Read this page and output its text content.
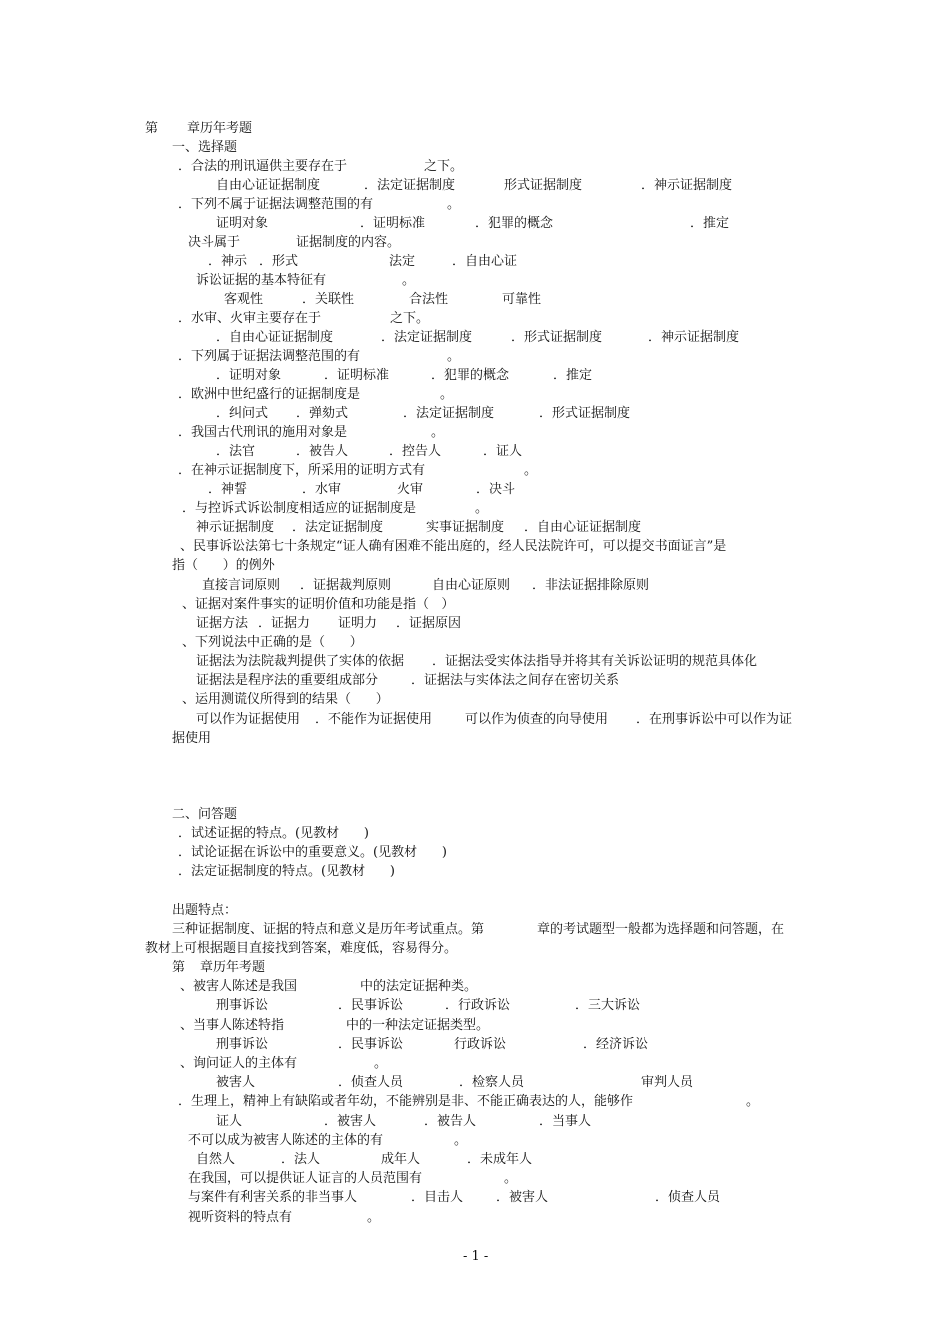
第 章历年考题
一、选择题
．合法的刑讯逼供主要存在于	之下。
自由心证证据制度	．法定证据制度	形式证据制度	．神示证据制度
．下列不属于证据法调整范围的有	。
证明对象	．证明标准	．犯罪的概念	．推定
决斗属于	证据制度的内容。
．神示 ．形式	法定	．自由心证
诉讼证据的基本特征有	。
客观性	．关联性	合法性	可靠性
．水审、火审主要存在于	之下。
．自由心证证据制度	．法定证据制度	．形式证据制度	．神示证据制度
．下列属于证据法调整范围的有	。
．证明对象	．证明标准	．犯罪的概念	．推定
．欧洲中世纪盛行的证据制度是	。
．纠问式 ．弹劾式	．法定证据制度	．形式证据制度
．我国古代刑讯的施用对象是	。
．法官	．被告人	．控告人	．证人
．在神示证据制度下，所采用的证明方式有	。
．神誓	．水审	火审	．决斗
．与控诉式诉讼制度相适应的证据制度是	。
神示证据制度 ．法定证据制度	实事证据制度 ．自由心证证据制度
、民事诉讼法第七十条规定“证人确有困难不能出庭的，经人民法院许可，可以提交书面证言”是
指（      ）的例外
直接言词原则 ．证据裁判原则	自由心证原则 ．非法证据排除原则
、证据对案件事实的证明价值和功能是指（   ）
证据方法 ．证据力 证明力 ．证据原因
、下列说法中正确的是（      ）
证据法为法院裁判提供了实体的依据 ．证据法受实体法指导并将其有关诉讼证明的规范具体化
证据法是程序法的重要组成部分	．证据法与实体法之间存在密切关系
、运用测谎仪所得到的结果（      ）
可以作为证据使用 ．不能作为证据使用	可以作为侦查的向导使用 ．在刑事诉讼中可以作为证
据使用
二、问答题
．试述证据的特点。(见教材      )
．试论证据在诉讼中的重要意义。(见教材      )
．法定证据制度的特点。(见教材      )
出题特点：
三种证据制度、证据的特点和意义是历年考试重点。第	章的考试题型一般都为选择题和问答题，在
教材上可根据题目直接找到答案，难度低，容易得分。
第 章历年考题
、被害人陈述是我国	中的法定证据种类。
刑事诉讼	．民事诉讼	．行政诉讼	．三大诉讼
、当事人陈述特指	中的一种法定证据类型。
刑事诉讼	．民事诉讼	行政诉讼	．经济诉讼
、询问证人的主体有	。
被害人	．侦查人员	．检察人员	审判人员
．生理上，精神上有缺陷或者年幼，不能辨别是非、不能正确表达的人，能够作	。
证人	．被害人	．被告人	．当事人
不可以成为被害人陈述的主体的有	。
自然人	．法人	成年人	．未成年人
在我国，可以提供证人证言的人员范围有	。
与案件有利害关系的非当事人	．目击人	．被害人	．侦查人员
视听资料的特点有	。
- 1 -
